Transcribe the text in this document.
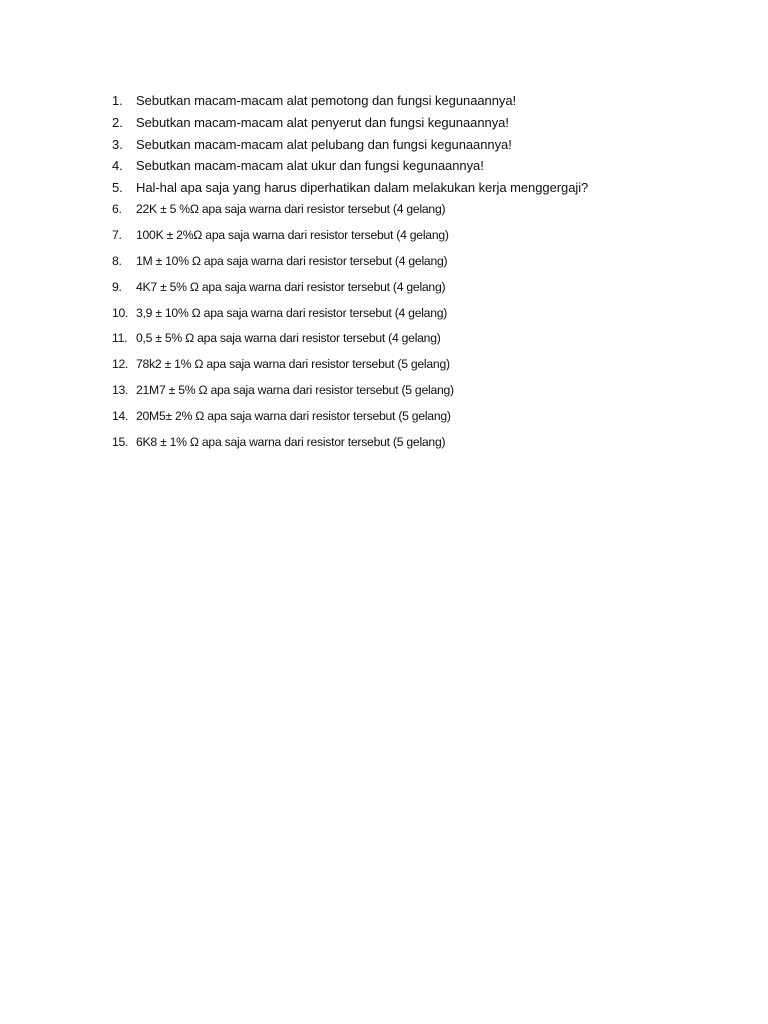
1.	Sebutkan macam-macam alat pemotong dan fungsi kegunaannya!
2.	Sebutkan macam-macam alat penyerut dan fungsi kegunaannya!
3.	Sebutkan macam-macam alat pelubang dan fungsi kegunaannya!
4.	Sebutkan macam-macam alat ukur dan fungsi kegunaannya!
5.	Hal-hal apa saja yang harus diperhatikan dalam melakukan kerja menggergaji?
6.	22K ± 5 %Ω apa saja warna dari resistor tersebut (4 gelang)
7.	100K ± 2%Ω apa saja warna dari resistor tersebut (4 gelang)
8.	1M ± 10% Ω apa saja warna dari resistor tersebut (4 gelang)
9.	4K7 ± 5% Ω apa saja warna dari resistor tersebut (4 gelang)
10. 3,9 ± 10% Ω apa saja warna dari resistor tersebut (4 gelang)
11. 0,5 ± 5% Ω apa saja warna dari resistor tersebut (4 gelang)
12. 78k2 ± 1% Ω apa saja warna dari resistor tersebut (5 gelang)
13. 21M7 ± 5% Ω apa saja warna dari resistor tersebut (5 gelang)
14. 20M5± 2% Ω apa saja warna dari resistor tersebut (5 gelang)
15. 6K8 ± 1% Ω apa saja warna dari resistor tersebut (5 gelang)
